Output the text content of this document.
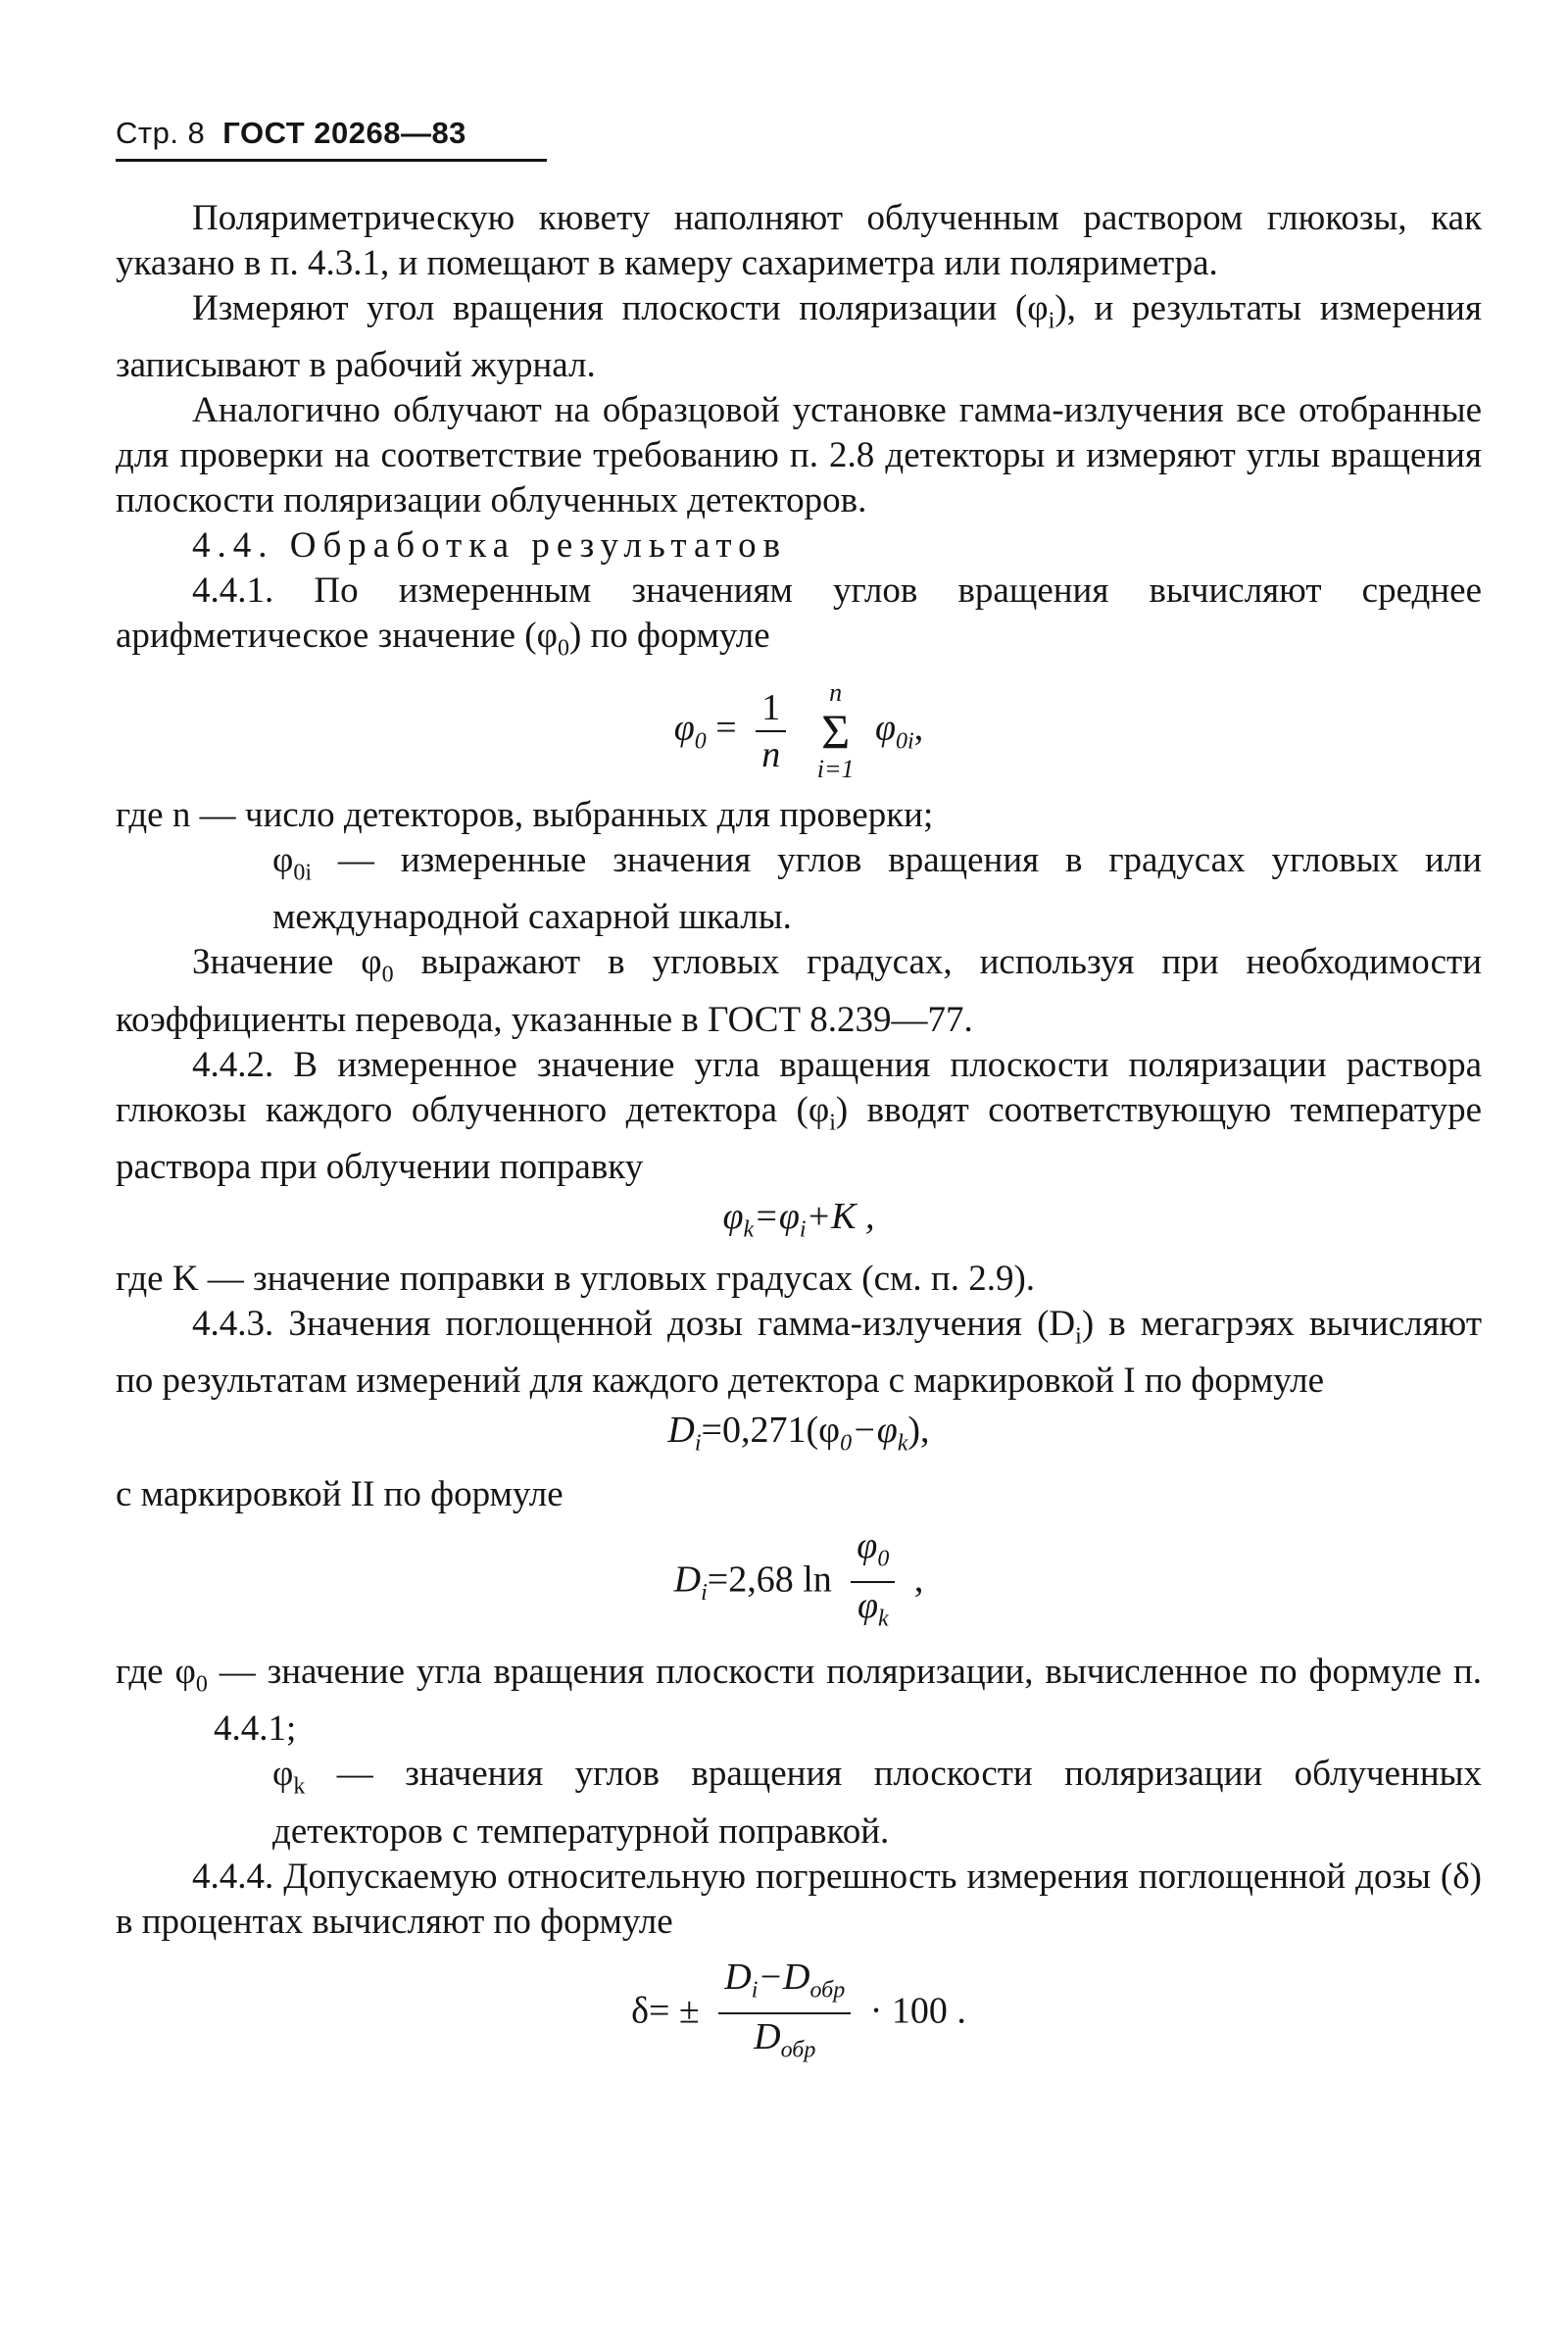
Стр. 8 ГОСТ 20268—83

Поляриметрическую кювету наполняют облученным раствором глюкозы, как указано в п. 4.3.1, и помещают в камеру сахариметра или поляриметра.

Измеряют угол вращения плоскости поляризации $(\varphi_i)$, и результаты измерения записывают в рабочий журнал.

Аналогично облучают на образцовой установке гамма-излучения все отобранные для проверки на соответствие требованию п. 2.8 детекторы и измеряют углы вращения плоскости поляризации облученных детекторов.

4.4. Обработка результатов

4.4.1. По измеренным значениям углов вращения вычисляют среднее арифметическое значение $(\varphi_0)$ по формуле

$\varphi_0 = \frac{1}{n}$
	n
Σ
i=1
$\varphi_{0i}$,

где n — число детекторов, выбранных для проверки;

$\varphi_{0i}$ — измеренные значения углов вращения в градусах угловых или международной сахарной шкалы.

Значение $\varphi_0$ выражают в угловых градусах, используя при необходимости коэффициенты перевода, указанные в ГОСТ 8.239—77.

4.4.2. В измеренное значение угла вращения плоскости поляризации раствора глюкозы каждого облученного детектора $(\varphi_i)$ вводят соответствующую температуре раствора при облучении поправку

$\varphi_k=\varphi_i+K$ ,

где K — значение поправки в угловых градусах (см. п. 2.9).

4.4.3. Значения поглощенной дозы гамма-излучения $(D_i)$ в мегагрэях вычисляют по результатам измерений для каждого детектора с маркировкой I по формуле

$D_i=0,271(\varphi_0-\varphi_k)$,

с маркировкой II по формуле

$D_i=2,68$ $\ln \frac{\varphi_0}{\varphi_k}$ ,

где $\varphi_0$ — значение угла вращения плоскости поляризации, вычисленное по формуле п. 4.4.1;

$\varphi_k$ — значения углов вращения плоскости поляризации облученных детекторов с температурной поправкой.

4.4.4. Допускаемую относительную погрешность измерения поглощенной дозы (δ) в процентах вычисляют по формуле

$\delta= \pm \frac{D_i-D_{обр}}{D_{обр}} \cdot 100$ .
